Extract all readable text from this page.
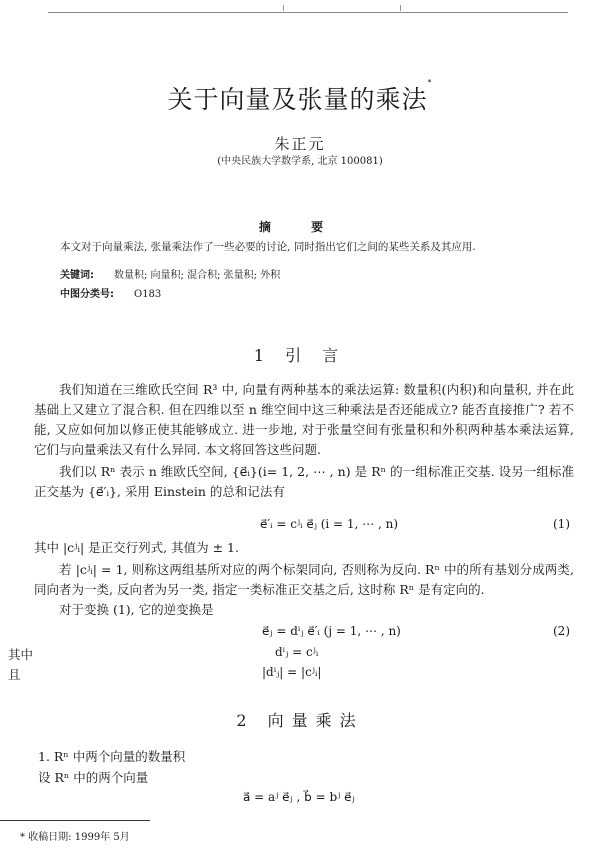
关于向量及张量的乘法*
朱正元
(中央民族大学数学系, 北京 100081)
摘 要
本文对于向量乘法, 张量乘法作了一些必要的讨论, 同时指出它们之间的某些关系及其应用.
关键词: 数量积; 向量积; 混合积; 张量积; 外积
中图分类号: O183
1 引 言
我们知道在三维欧氏空间 R³ 中, 向量有两种基本的乘法运算: 数量积(内积)和向量积, 并在此基础上又建立了混合积. 但在四维以至 n 维空间中这三种乘法是否还能成立? 能否直接推广? 若不能, 又应如何加以修正使其能够成立. 进一步地, 对于张量空间有张量积和外积两种基本乘法运算, 它们与向量乘法又有什么异同. 本文将回答这些问题.
我们以 Rⁿ 表示 n 维欧氏空间, {e⃗ᵢ}(i= 1, 2, ⋯ , n) 是 Rⁿ 的一组标准正交基. 设另一组标准正交基为 {e⃗′ᵢ}, 采用 Einstein 的总和记法有
e⃗′ᵢ = cʲᵢ e⃗ⱼ (i = 1, ⋯ , n)	(1)
其中 |cʲᵢ| 是正交行列式, 其值为 ± 1.
若 |cʲᵢ| = 1, 则称这两组基所对应的两个标架同向, 否则称为反向. Rⁿ 中的所有基划分成两类, 同向者为一类, 反向者为另一类, 指定一类标准正交基之后, 这时称 Rⁿ 是有定向的.
对于变换 (1), 它的逆变换是
e⃗ⱼ = dⁱⱼ e⃗′ᵢ (j = 1, ⋯ , n)	(2)
其中	dⁱⱼ = cʲᵢ
且	|dⁱⱼ| = |cʲᵢ|
2 向量乘法
1. Rⁿ 中两个向量的数量积
设 Rⁿ 中的两个向量
a⃗ = aʲ e⃗ⱼ , b⃗ = bʲ e⃗ⱼ
* 收稿日期: 1999年 5月
